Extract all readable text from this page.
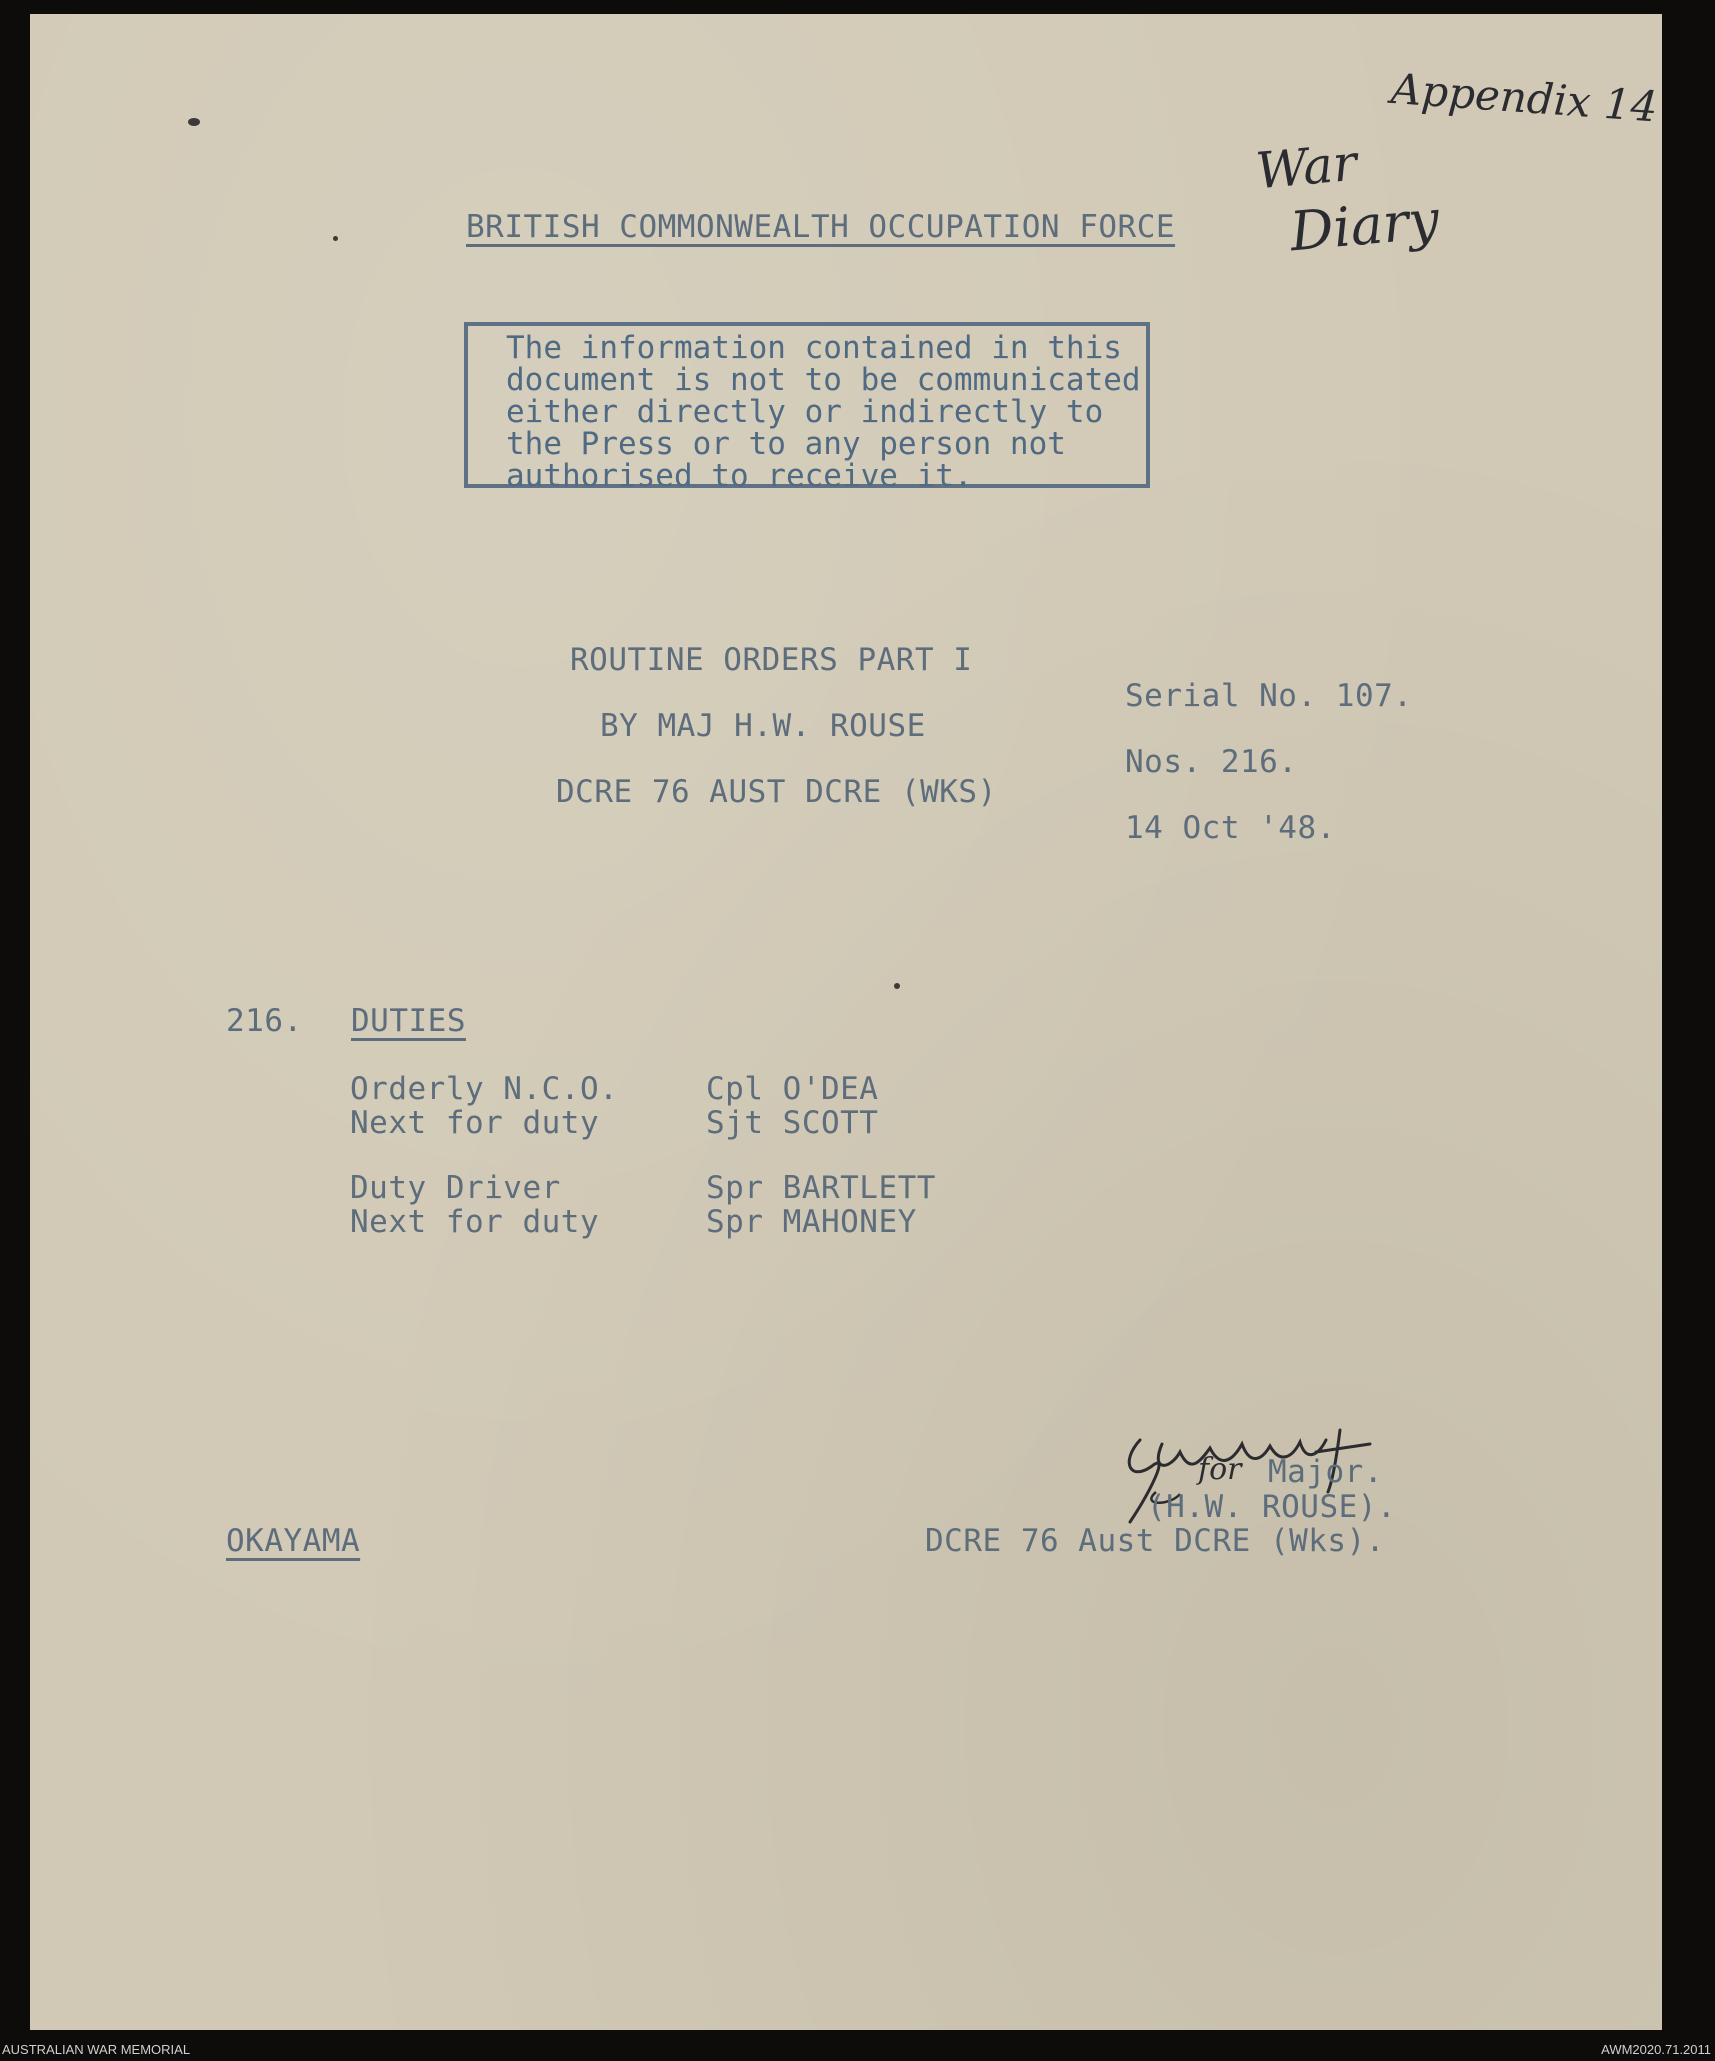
Appendix 14
War
Diary
BRITISH COMMONWEALTH OCCUPATION FORCE
The information contained in this
document is not to be communicated
either directly or indirectly to
the Press or to any person not
authorised to receive it.
ROUTINE ORDERS PART I
BY MAJ H.W. ROUSE
DCRE 76 AUST DCRE (WKS)
Serial No. 107.
Nos. 216.
14 Oct '48.
216. DUTIES
Orderly N.C.O.	Cpl O'DEA
Next for duty	Sjt SCOTT
Duty Driver	Spr BARTLETT
Next for duty	Spr MAHONEY
for Major.
(H.W. ROUSE).
DCRE 76 Aust DCRE (Wks).
OKAYAMA
AUSTRALIAN WAR MEMORIAL	AWM2020.71.2011
